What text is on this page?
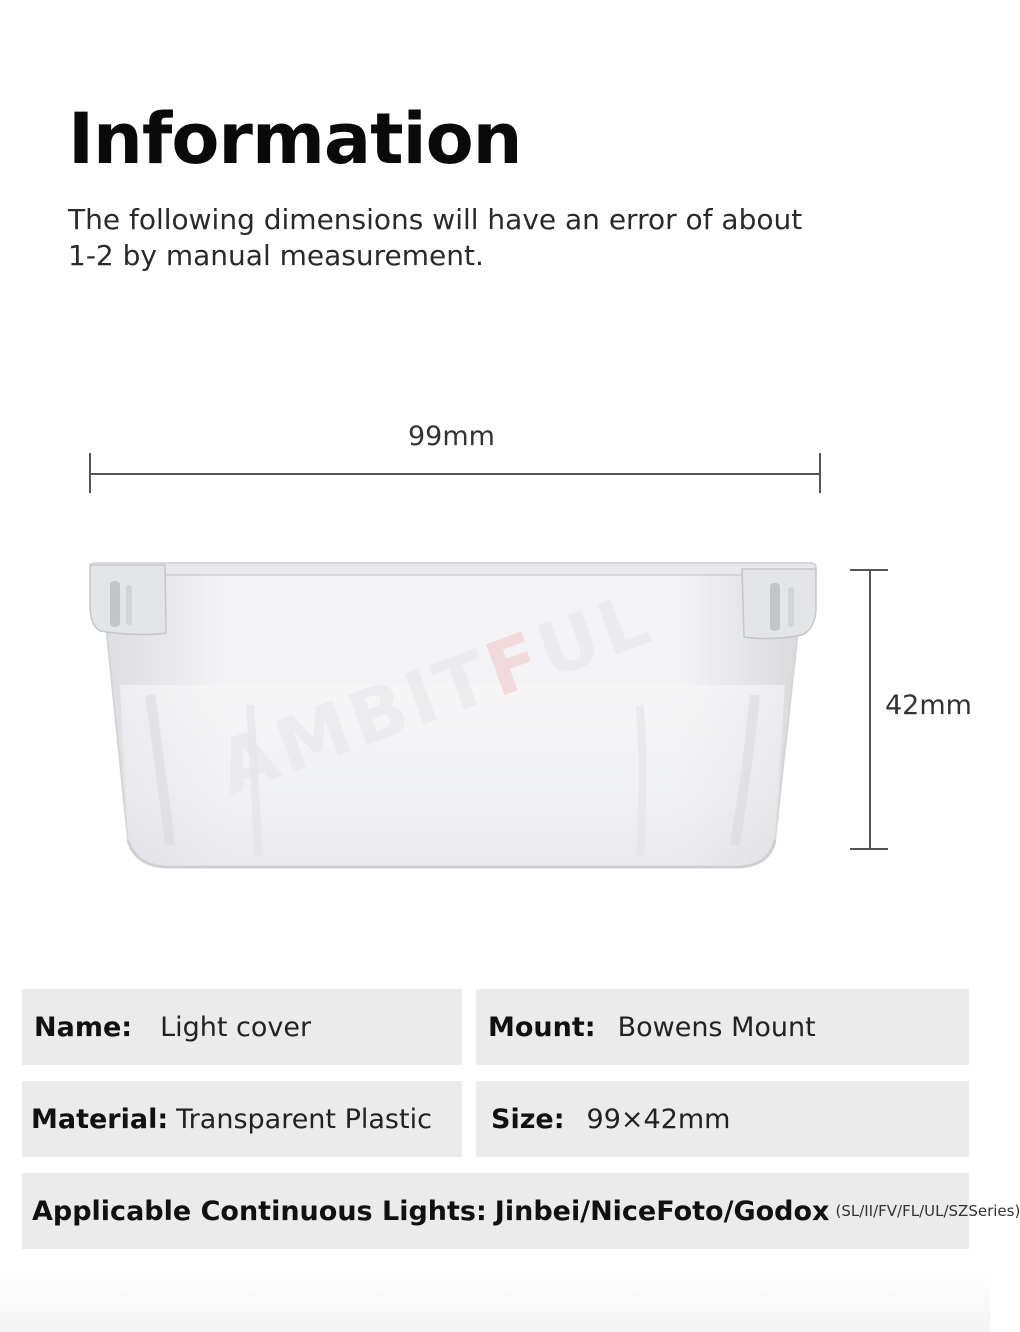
Information
The following dimensions will have an error of about 1-2 by manual measurement.
99mm
42mm
AMBITFUL
Name: Light cover	Mount: Bowens Mount
Material: Transparent Plastic Size: 99×42mm
Applicable Continuous Lights: Jinbei/NiceFoto/Godox (SL/II/FV/FL/UL/SZSeries)
